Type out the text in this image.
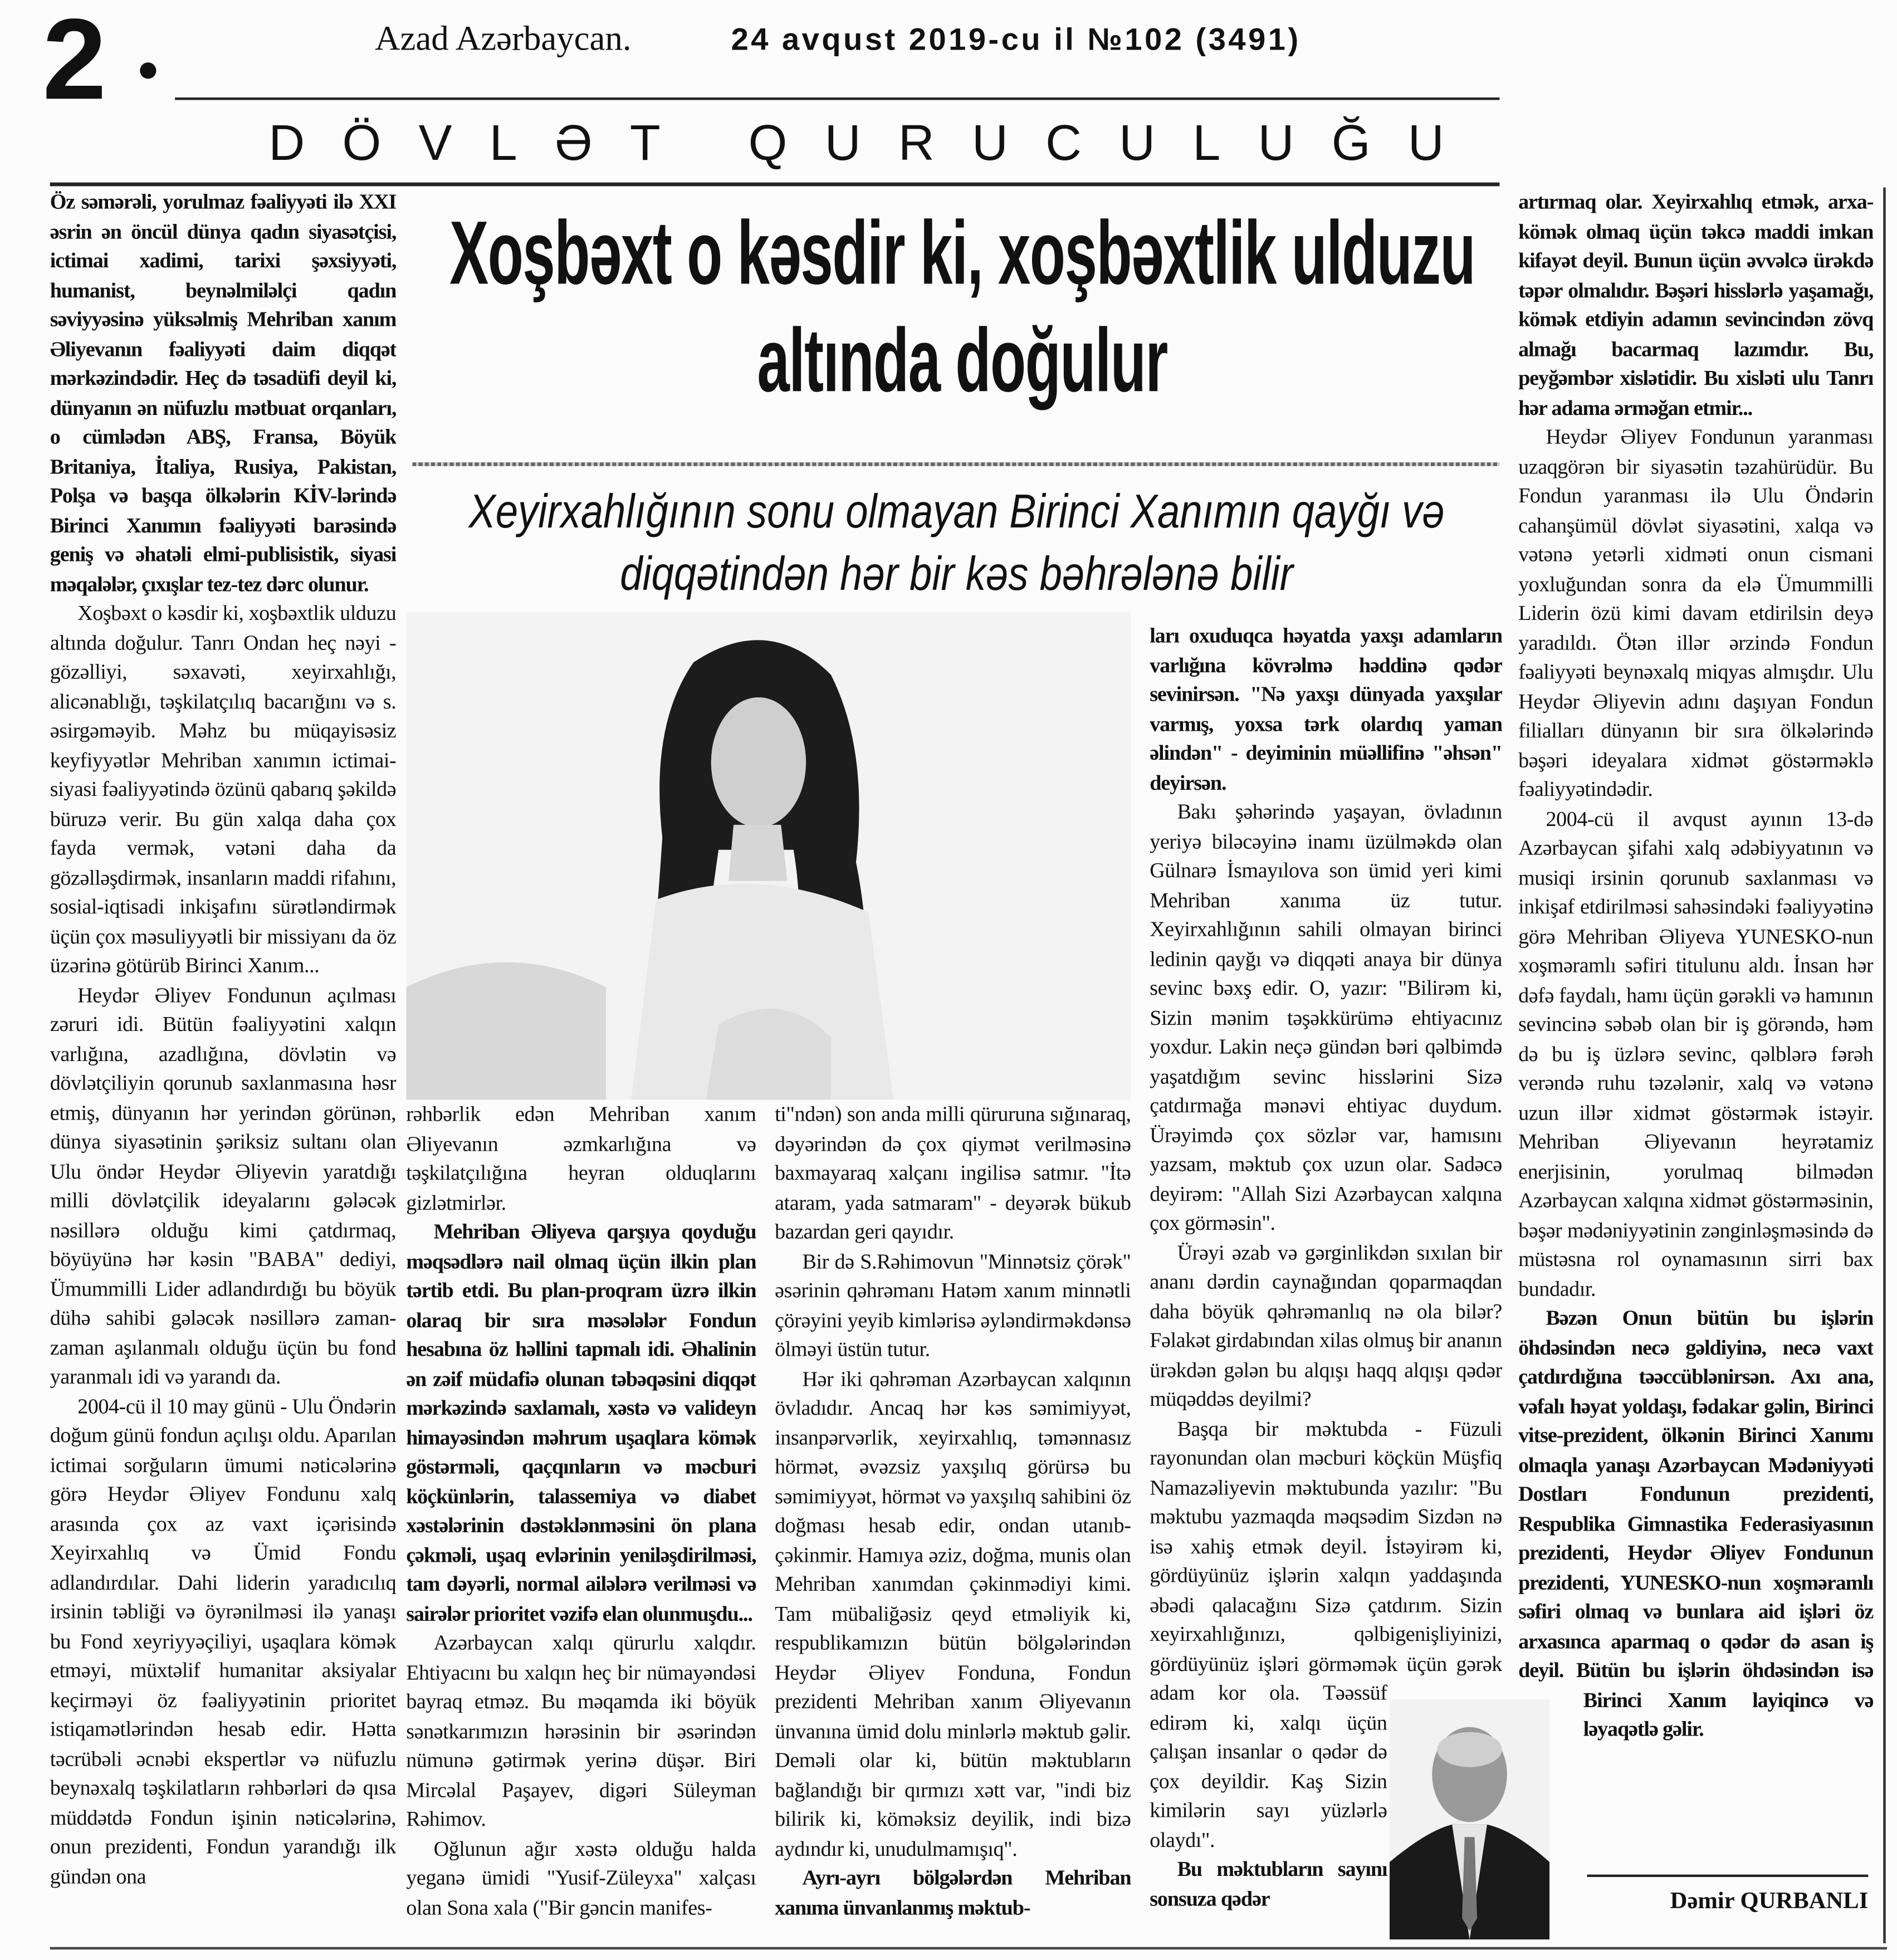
2	Azad Azərbaycan.	24 avqust 2019-cu il №102 (3491)
DÖVLƏT QURUCULUĞU
Xoşbəxt o kəsdir ki, xoşbəxtlik ulduzu altında doğulur
Xeyirxahlığının sonu olmayan Birinci Xanımın qayğı və diqqətindən hər bir kəs bəhrələnə bilir

Öz səmərəli, yorulmaz fəaliyyəti ilə XXI əsrin ən öncül dünya qadın siyasətçisi, ictimai xadimi, tarixi şəxsiyyəti, humanist, beynəlmiləlçi qadın səviyyəsinə yüksəlmiş Mehriban xanım Əliyevanın fəaliyyəti daim diqqət mərkəzindədir. Heç də təsadüfi deyil ki, dünyanın ən nüfuzlu mətbuat orqanları, o cümlədən ABŞ, Fransa, Böyük Britaniya, İtaliya, Rusiya, Pakistan, Polşa və başqa ölkələrin KİV-lərində Birinci Xanımın fəaliyyəti barəsində geniş və əhatəli elmi-publisistik, siyasi məqalələr, çıxışlar tez-tez dərc olunur.

Xoşbəxt o kəsdir ki, xoşbəxtlik ulduzu altında doğulur. Tanrı Ondan heç nəyi - gözəlliyi, səxavəti, xeyirxahlığı, alicənablığı, təşkilatçılıq bacarığını və s. əsirgəməyib. Məhz bu müqayisəsiz keyfiyyətlər Mehriban xanımın ictimai-siyasi fəaliyyətində özünü qabarıq şəkildə büruzə verir. Bu gün xalqa daha çox fayda vermək, vətəni daha da gözəlləşdirmək, insanların maddi rifahını, sosial-iqtisadi inkişafını sürətləndirmək üçün çox məsuliyyətli bir missiyanı da öz üzərinə götürüb Birinci Xanım...

Heydər Əliyev Fondunun açılması zəruri idi. Bütün fəaliyyətini xalqın varlığına, azadlığına, dövlətin və dövlətçiliyin qorunub saxlanmasına həsr etmiş, dünyanın hər yerindən görünən, dünya siyasətinin şəriksiz sultanı olan Ulu öndər Heydər Əliyevin yaratdığı milli dövlətçilik ideyalarını gələcək nəsillərə olduğu kimi çatdırmaq, böyüyünə hər kəsin "BABA" dediyi, Ümummilli Lider adlandırdığı bu böyük dühə sahibi gələcək nəsillərə zaman-zaman aşılanmalı olduğu üçün bu fond yaranmalı idi və yarandı da.

2004-cü il 10 may günü - Ulu Öndərin doğum günü fondun açılışı oldu. Aparılan ictimai sorğuların ümumi nəticələrinə görə Heydər Əliyev Fondunu xalq arasında çox az vaxt içərisində Xeyirxahlıq və Ümid Fondu adlandırdılar. Dahi liderin yaradıcılıq irsinin təbliği və öyrənilməsi ilə yanaşı bu Fond xeyriyyəçiliyi, uşaqlara kömək etməyi, müxtəlif humanitar aksiyalar keçirməyi öz fəaliyyətinin prioritet istiqamətlərindən hesab edir. Hətta təcrübəli əcnəbi ekspertlər və nüfuzlu beynəxalq təşkilatların rəhbərləri də qısa müddətdə Fondun işinin nəticələrinə, onun prezidenti, Fondun yarandığı ilk gündən ona

rəhbərlik edən Mehriban xanım Əliyevanın əzmkarlığına və təşkilatçılığına heyran olduqlarını gizlətmirlər.

Mehriban Əliyeva qarşıya qoyduğu məqsədlərə nail olmaq üçün ilkin plan tərtib etdi. Bu plan-proqram üzrə ilkin olaraq bir sıra məsələlər Fondun hesabına öz həllini tapmalı idi. Əhalinin ən zəif müdafiə olunan təbəqəsini diqqət mərkəzində saxlamalı, xəstə və valideyn himayəsindən məhrum uşaqlara kömək göstərməli, qaçqınların və məcburi köçkünlərin, talassemiya və diabet xəstələrinin dəstəklənməsini ön plana çəkməli, uşaq evlərinin yeniləşdirilməsi, tam dəyərli, normal ailələrə verilməsi və sairələr prioritet vəzifə elan olunmuşdu...

Azərbaycan xalqı qürurlu xalqdır. Ehtiyacını bu xalqın heç bir nümayəndəsi bayraq etməz. Bu məqamda iki böyük sənətkarımızın hərəsinin bir əsərindən nümunə gətirmək yerinə düşər. Biri Mircəlal Paşayev, digəri Süleyman Rəhimov.

Oğlunun ağır xəstə olduğu halda yeganə ümidi "Yusif-Züleyxa" xalçası olan Sona xala ("Bir gəncin manifes-

ti"ndən) son anda milli qüruruna sığınaraq, dəyərindən də çox qiymət verilməsinə baxmayaraq xalçanı ingilisə satmır. "İtə ataram, yada satmaram" - deyərək bükub bazardan geri qayıdır.

Bir də S.Rəhimovun "Minnətsiz çörək" əsərinin qəhrəmanı Hatəm xanım minnətli çörəyini yeyib kimlərisə əyləndirməkdənsə ölməyi üstün tutur.

Hər iki qəhrəman Azərbaycan xalqının övladıdır. Ancaq hər kəs səmimiyyət, insanpərvərlik, xeyirxahlıq, təmənnasız hörmət, əvəzsiz yaxşılıq görürsə bu səmimiyyət, hörmət və yaxşılıq sahibini öz doğması hesab edir, ondan utanıb-çəkinmir. Hamıya əziz, doğma, munis olan Mehriban xanımdan çəkinmədiyi kimi. Tam mübaliğəsiz qeyd etməliyik ki, respublikamızın bütün bölgələrindən Heydər Əliyev Fonduna, Fondun prezidenti Mehriban xanım Əliyevanın ünvanına ümid dolu minlərlə məktub gəlir. Deməli olar ki, bütün məktubların bağlandığı bir qırmızı xətt var, "indi biz bilirik ki, köməksiz deyilik, indi bizə aydındır ki, unudulmamışıq".

Ayrı-ayrı bölgələrdən Mehriban xanıma ünvanlanmış məktub-

ları oxuduqca həyatda yaxşı adamların varlığına kövrəlmə həddinə qədər sevinirsən. "Nə yaxşı dünyada yaxşılar varmış, yoxsa tərk olardıq yaman əlindən" - deyiminin müəllifinə "əhsən" deyirsən.

Bakı şəhərində yaşayan, övladının yeriyə biləcəyinə inamı üzülməkdə olan Gülnarə İsmayılova son ümid yeri kimi Mehriban xanıma üz tutur. Xeyirxahlığının sahili olmayan birinci ledinin qayğı və diqqəti anaya bir dünya sevinc bəxş edir. O, yazır: "Bilirəm ki, Sizin mənim təşəkkürümə ehtiyacınız yoxdur. Lakin neçə gündən bəri qəlbimdə yaşatdığım sevinc hisslərini Sizə çatdırmağa mənəvi ehtiyac duydum. Ürəyimdə çox sözlər var, hamısını yazsam, məktub çox uzun olar. Sadəcə deyirəm: "Allah Sizi Azərbaycan xalqına çox görməsin".

Ürəyi əzab və gərginlikdən sıxılan bir ananı dərdin caynağından qoparmaqdan daha böyük qəhrəmanlıq nə ola bilər? Fəlakət girdabından xilas olmuş bir ananın ürəkdən gələn bu alqışı haqq alqışı qədər müqəddəs deyilmi?

Başqa bir məktubda - Füzuli rayonundan olan məcburi köçkün Müşfiq Namazəliyevin məktubunda yazılır: "Bu məktubu yazmaqda məqsədim Sizdən nə isə xahiş etmək deyil. İstəyirəm ki, gördüyünüz işlərin xalqın yaddaşında əbədi qalacağını Sizə çatdırım. Sizin xeyirxahlığınızı, qəlbigenişliyinizi, gördüyünüz işləri görməmək üçün gərək adam kor ola. Təəssüf edirəm ki, xalqı üçün çalışan insanlar o qədər də çox deyildir. Kaş Sizin kimilərin sayı yüzlərlə olaydı".

Bu məktubların sayını sonsuza qədər

artırmaq olar. Xeyirxahlıq etmək, arxa-kömək olmaq üçün təkcə maddi imkan kifayət deyil. Bunun üçün əvvəlcə ürəkdə təpər olmalıdır. Bəşəri hisslərlə yaşamağı, kömək etdiyin adamın sevincindən zövq almağı bacarmaq lazımdır. Bu, peyğəmbər xislətidir. Bu xisləti ulu Tanrı hər adama ərməğan etmir...

Heydər Əliyev Fondunun yaranması uzaqgörən bir siyasətin təzahürüdür. Bu Fondun yaranması ilə Ulu Öndərin cahanşümül dövlət siyasətini, xalqa və vətənə yetərli xidməti onun cismani yoxluğundan sonra da elə Ümummilli Liderin özü kimi davam etdirilsin deyə yaradıldı. Ötən illər ərzində Fondun fəaliyyəti beynəxalq miqyas almışdır. Ulu Heydər Əliyevin adını daşıyan Fondun filialları dünyanın bir sıra ölkələrində bəşəri ideyalara xidmət göstərməklə fəaliyyətindədir.

2004-cü il avqust ayının 13-də Azərbaycan şifahi xalq ədəbiyyatının və musiqi irsinin qorunub saxlanması və inkişaf etdirilməsi sahəsindəki fəaliyyətinə görə Mehriban Əliyeva YUNESKO-nun xoşməramlı səfiri titulunu aldı. İnsan hər dəfə faydalı, hamı üçün gərəkli və hamının sevincinə səbəb olan bir iş görəndə, həm də bu iş üzlərə sevinc, qəlblərə fərəh verəndə ruhu təzələnir, xalq və vətənə uzun illər xidmət göstərmək istəyir. Mehriban Əliyevanın heyrətamiz enerjisinin, yorulmaq bilmədən Azərbaycan xalqına xidmət göstərməsinin, bəşər mədəniyyətinin zənginləşməsində də müstəsna rol oynamasının sirri bax bundadır.

Bəzən Onun bütün bu işlərin öhdəsindən necə gəldiyinə, necə vaxt çatdırdığına təəccüblənirsən. Axı ana, vəfalı həyat yoldaşı, fədakar gəlin, Birinci vitse-prezident, ölkənin Birinci Xanımı olmaqla yanaşı Azərbaycan Mədəniyyəti Dostları Fondunun prezidenti, Respublika Gimnastika Federasiyasının prezidenti, Heydər Əliyev Fondunun prezidenti, YUNESKO-nun xoşməramlı səfiri olmaq və bunlara aid işləri öz arxasınca aparmaq o qədər də asan iş deyil. Bütün bu işlərin öhdəsindən isə Birinci Xanım layiqincə və ləyaqətlə gəlir.

Dəmir QURBANLI
